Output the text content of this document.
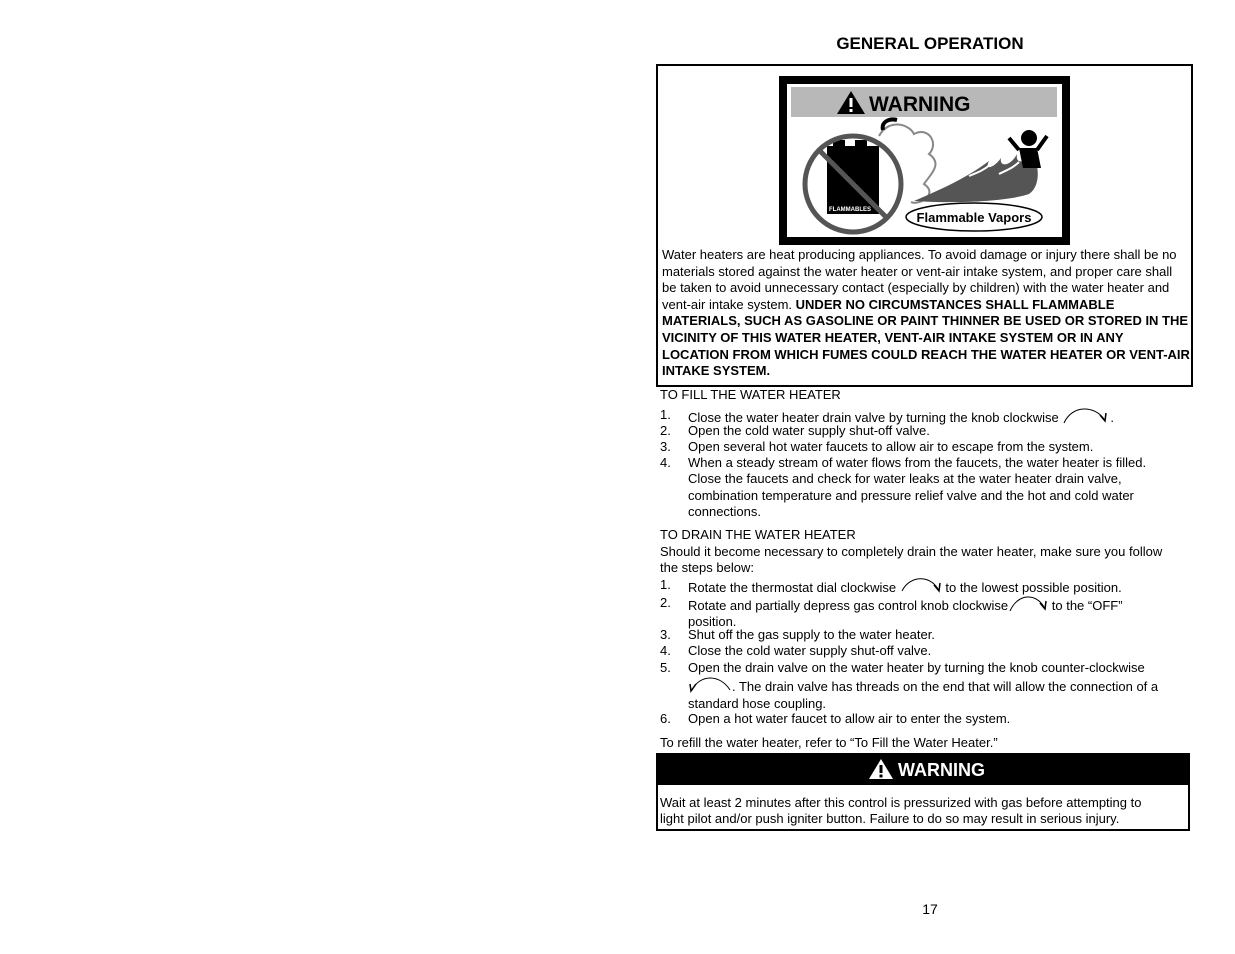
GENERAL OPERATION
WARNING
FLAMMABLES	Flammable Vapors
Water heaters are heat producing appliances. To avoid damage or injury there shall be no materials stored against the water heater or vent-air intake system, and proper care shall be taken to avoid unnecessary contact (especially by children) with the water heater and vent-air intake system. UNDER NO CIRCUMSTANCES SHALL FLAMMABLE MATERIALS, SUCH AS GASOLINE OR PAINT THINNER BE USED OR STORED IN THE VICINITY OF THIS WATER HEATER, VENT-AIR INTAKE SYSTEM OR IN ANY LOCATION FROM WHICH FUMES COULD REACH THE WATER HEATER OR VENT-AIR INTAKE SYSTEM.
TO FILL THE WATER HEATER
1.	Close the water heater drain valve by turning the knob clockwise	.
2.	Open the cold water supply shut-off valve.
3.	Open several hot water faucets to allow air to escape from the system.
4.	When a steady stream of water flows from the faucets, the water heater is filled.
Close the faucets and check for water leaks at the water heater drain valve,
combination temperature and pressure relief valve and the hot and cold water
connections.
TO DRAIN THE WATER HEATER
Should it become necessary to completely drain the water heater, make sure you follow
the steps below:
1.	Rotate the thermostat dial clockwise	to the lowest possible position.
2.	Rotate and partially depress gas control knob clockwise	to the “OFF”
position.
3.	Shut off the gas supply to the water heater.
4.	Close the cold water supply shut-off valve.
5.	Open the drain valve on the water heater by turning the knob counter-clockwise
. The drain valve has threads on the end that will allow the connection of a
standard hose coupling.
6.	Open a hot water faucet to allow air to enter the system.
To refill the water heater, refer to “To Fill the Water Heater.”
WARNING
Wait at least 2 minutes after this control is pressurized with gas before attempting to
light pilot and/or push igniter button. Failure to do so may result in serious injury.
17
